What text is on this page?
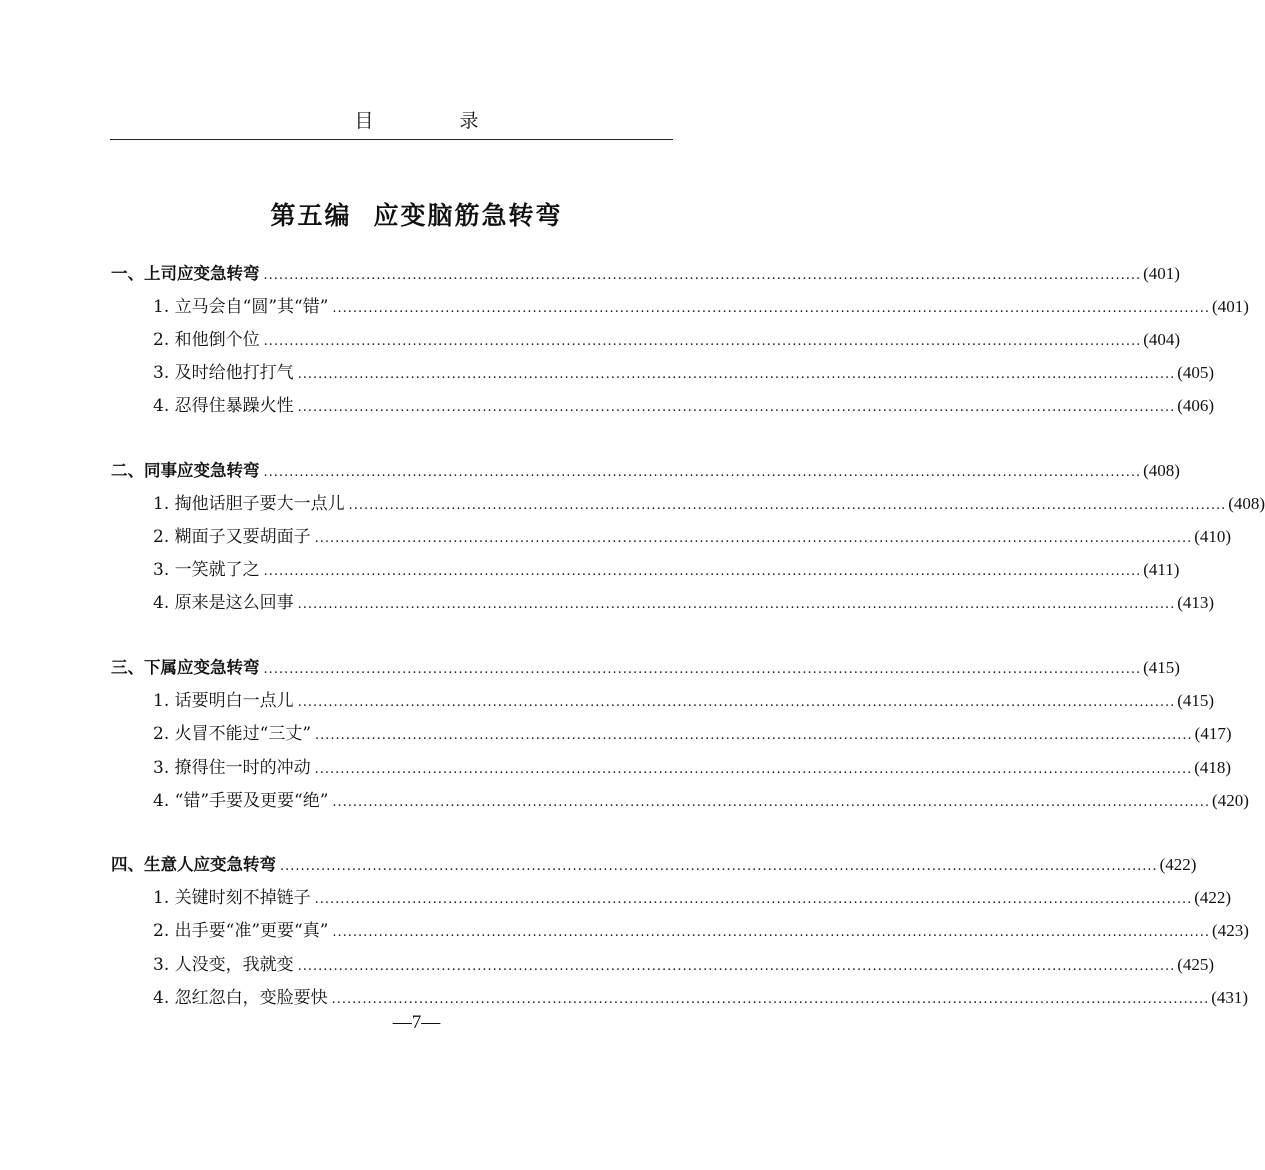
目 录
第五编 应变脑筋急转弯
一、上司应变急转弯 ........................................................................................................................................................................... (401)
1. 立马会自“圆”其“错” ........................................................................................................................................................................... (401)
2. 和他倒个位 ........................................................................................................................................................................... (404)
3. 及时给他打打气 ........................................................................................................................................................................... (405)
4. 忍得住暴躁火性 ........................................................................................................................................................................... (406)
二、同事应变急转弯 ........................................................................................................................................................................... (408)
1. 掏他话胆子要大一点儿 ........................................................................................................................................................................... (408)
2. 糊面子又要胡面子 ........................................................................................................................................................................... (410)
3. 一笑就了之 ........................................................................................................................................................................... (411)
4. 原来是这么回事 ........................................................................................................................................................................... (413)
三、下属应变急转弯 ........................................................................................................................................................................... (415)
1. 话要明白一点儿 ........................................................................................................................................................................... (415)
2. 火冒不能过“三丈” ........................................................................................................................................................................... (417)
3. 撩得住一时的冲动 ........................................................................................................................................................................... (418)
4. “错”手要及更要“绝” ........................................................................................................................................................................... (420)
四、生意人应变急转弯 ........................................................................................................................................................................... (422)
1. 关键时刻不掉链子 ........................................................................................................................................................................... (422)
2. 出手要“准”更要“真” ........................................................................................................................................................................... (423)
3. 人没变，我就变 ........................................................................................................................................................................... (425)
4. 忽红忽白，变脸要快 ........................................................................................................................................................................... (431)
—7—
